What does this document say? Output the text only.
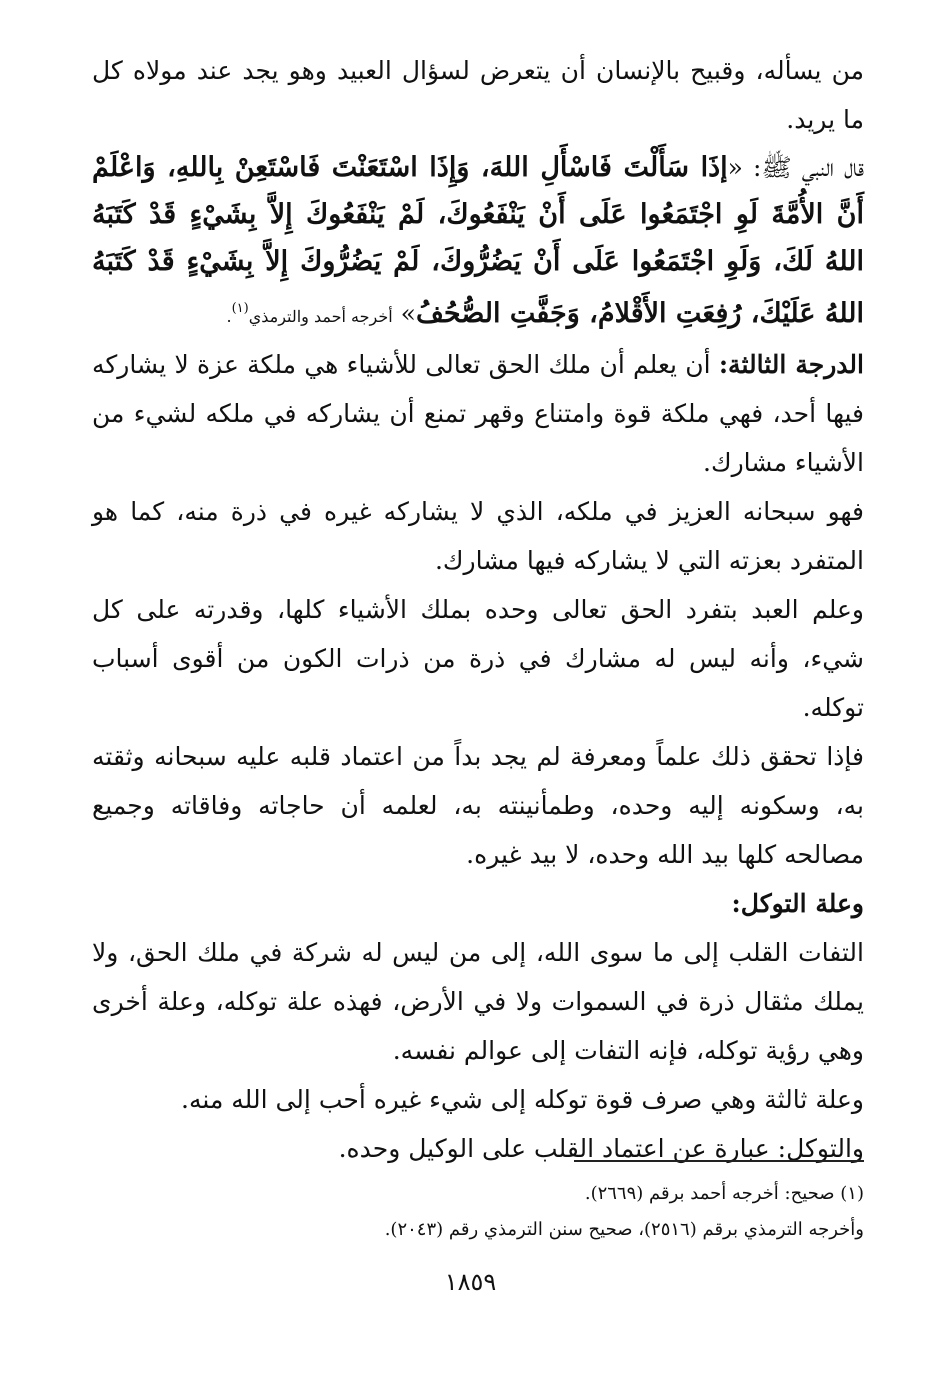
من يسأله، وقبيح بالإنسان أن يتعرض لسؤال العبيد وهو يجد عند مولاه كل ما يريد.

قال النبي ﷺ: «إذَا سَأَلْتَ فَاسْأَلِ اللهَ، وَإِذَا اسْتَعَنْتَ فَاسْتَعِنْ بِاللهِ، وَاعْلَمْ أَنَّ الأُمَّةَ لَوِ اجْتَمَعُوا عَلَى أَنْ يَنْفَعُوكَ، لَمْ يَنْفَعُوكَ إِلاَّ بِشَيْءٍ قَدْ كَتَبَهُ اللهُ لَكَ، وَلَوِ اجْتَمَعُوا عَلَى أَنْ يَضُرُّوكَ، لَمْ يَضُرُّوكَ إِلاَّ بِشَيْءٍ قَدْ كَتَبَهُ اللهُ عَلَيْكَ، رُفِعَتِ الأَقْلامُ، وَجَفَّتِ الصُّحُفُ» أخرجه أحمد والترمذي$^{(١)}$.

الدرجة الثالثة: أن يعلم أن ملك الحق تعالى للأشياء هي ملكة عزة لا يشاركه فيها أحد، فهي ملكة قوة وامتناع وقهر تمنع أن يشاركه في ملكه لشيء من الأشياء مشارك.

فهو سبحانه العزيز في ملكه، الذي لا يشاركه غيره في ذرة منه، كما هو المتفرد بعزته التي لا يشاركه فيها مشارك.

وعلم العبد بتفرد الحق تعالى وحده بملك الأشياء كلها، وقدرته على كل شيء، وأنه ليس له مشارك في ذرة من ذرات الكون من أقوى أسباب توكله.

فإذا تحقق ذلك علماً ومعرفة لم يجد بداً من اعتماد قلبه عليه سبحانه وثقته به، وسكونه إليه وحده، وطمأنينته به، لعلمه أن حاجاته وفاقاته وجميع مصالحه كلها بيد الله وحده، لا بيد غيره.

وعلة التوكل:

التفات القلب إلى ما سوى الله، إلى من ليس له شركة في ملك الحق، ولا يملك مثقال ذرة في السموات ولا في الأرض، فهذه علة توكله، وعلة أخرى وهي رؤية توكله، فإنه التفات إلى عوالم نفسه.

وعلة ثالثة وهي صرف قوة توكله إلى شيء غيره أحب إلى الله منه.

والتوكل: عبارة عن اعتماد القلب على الوكيل وحده.

(١) صحيح: أخرجه أحمد برقم (٢٦٦٩).

وأخرجه الترمذي برقم (٢٥١٦)، صحيح سنن الترمذي رقم (٢٠٤٣).

١٨٥٩
